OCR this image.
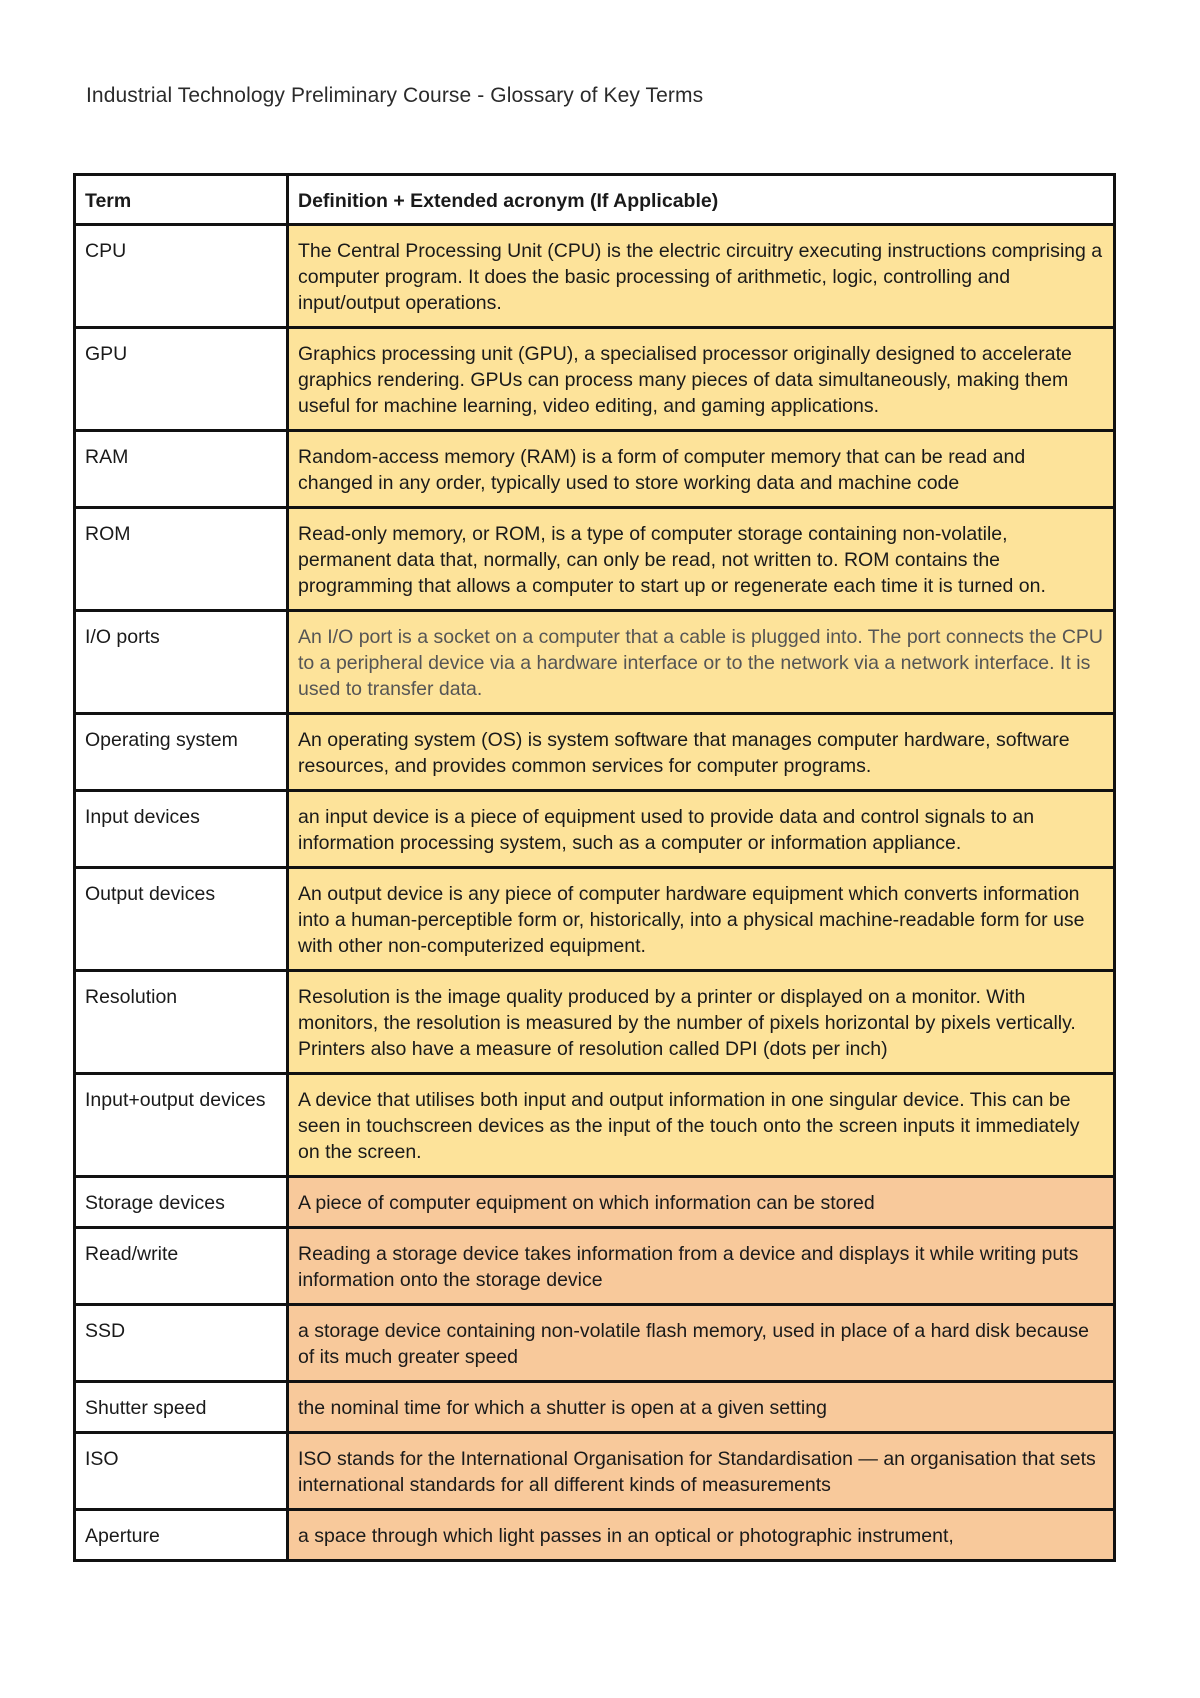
Industrial Technology Preliminary Course - Glossary of Key Terms
Term	Definition + Extended acronym (If Applicable)
CPU	The Central Processing Unit (CPU) is the electric circuitry executing instructions comprising a computer program. It does the basic processing of arithmetic, logic, controlling and input/output operations.
GPU	Graphics processing unit (GPU), a specialised processor originally designed to accelerate graphics rendering. GPUs can process many pieces of data simultaneously, making them useful for machine learning, video editing, and gaming applications.
RAM	Random-access memory (RAM) is a form of computer memory that can be read and changed in any order, typically used to store working data and machine code
ROM	Read-only memory, or ROM, is a type of computer storage containing non-volatile, permanent data that, normally, can only be read, not written to. ROM contains the programming that allows a computer to start up or regenerate each time it is turned on.
I/O ports	An I/O port is a socket on a computer that a cable is plugged into. The port connects the CPU to a peripheral device via a hardware interface or to the network via a network interface. It is used to transfer data.
Operating system	An operating system (OS) is system software that manages computer hardware, software resources, and provides common services for computer programs.
Input devices	an input device is a piece of equipment used to provide data and control signals to an information processing system, such as a computer or information appliance.
Output devices	An output device is any piece of computer hardware equipment which converts information into a human-perceptible form or, historically, into a physical machine-readable form for use with other non-computerized equipment.
Resolution	Resolution is the image quality produced by a printer or displayed on a monitor. With monitors, the resolution is measured by the number of pixels horizontal by pixels vertically. Printers also have a measure of resolution called DPI (dots per inch)
Input+output devices	A device that utilises both input and output information in one singular device. This can be seen in touchscreen devices as the input of the touch onto the screen inputs it immediately on the screen.
Storage devices	A piece of computer equipment on which information can be stored
Read/write	Reading a storage device takes information from a device and displays it while writing puts information onto the storage device
SSD	a storage device containing non-volatile flash memory, used in place of a hard disk because of its much greater speed
Shutter speed	the nominal time for which a shutter is open at a given setting
ISO	ISO stands for the International Organisation for Standardisation — an organisation that sets international standards for all different kinds of measurements
Aperture	a space through which light passes in an optical or photographic instrument,
